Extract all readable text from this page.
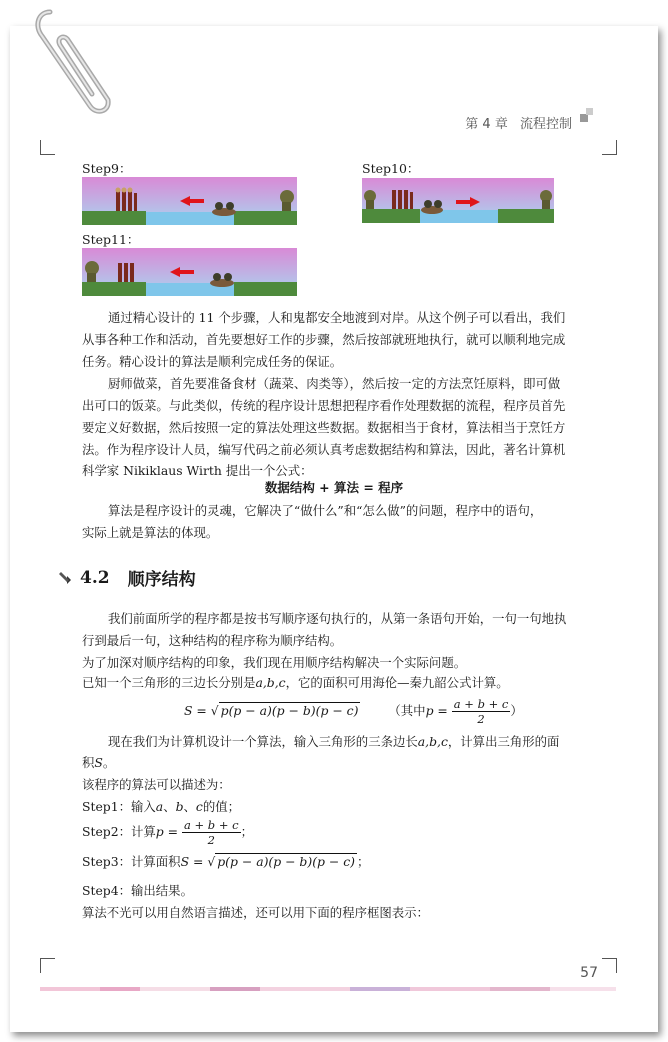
第 4 章 流程控制
Step9：	Step10：
Step11：

通过精心设计的 11 个步骤，人和鬼都安全地渡到对岸。从这个例子可以看出，我们

从事各种工作和活动，首先要想好工作的步骤，然后按部就班地执行，就可以顺利地完成

任务。精心设计的算法是顺利完成任务的保证。

厨师做菜，首先要准备食材（蔬菜、肉类等），然后按一定的方法烹饪原料，即可做

出可口的饭菜。与此类似，传统的程序设计思想把程序看作处理数据的流程，程序员首先

要定义好数据，然后按照一定的算法处理这些数据。数据相当于食材，算法相当于烹饪方

法。作为程序设计人员，编写代码之前必须认真考虑数据结构和算法，因此，著名计算机

科学家 Nikiklaus Wirth 提出一个公式：

数据结构 + 算法 = 程序

算法是程序设计的灵魂，它解决了“做什么”和“怎么做”的问题，程序中的语句，

实际上就是算法的体现。

4.2 顺序结构

我们前面所学的程序都是按书写顺序逐句执行的，从第一条语句开始，一句一句地执

行到最后一句，这种结构的程序称为顺序结构。

为了加深对顺序结构的印象，我们现在用顺序结构解决一个实际问题。

已知一个三角形的三边长分别是a,b,c，它的面积可用海伦—秦九韶公式计算。
S = √ p(p − a)(p − b)(p − c) （其中$p = \frac{a + b + c}{2}$ ）
现在我们为计算机设计一个算法，输入三角形的三条边长a,b,c，计算出三角形的面
积S。

该程序的算法可以描述为：

Step1：输入a、b、c的值；
Step2：计算$p = \frac{a + b + c}{2}$ ；
Step3：计算面积S = √ p(p − a)(p − b)(p − c) ；

Step4：输出结果。

算法不光可以用自然语言描述，还可以用下面的程序框图表示：

57
